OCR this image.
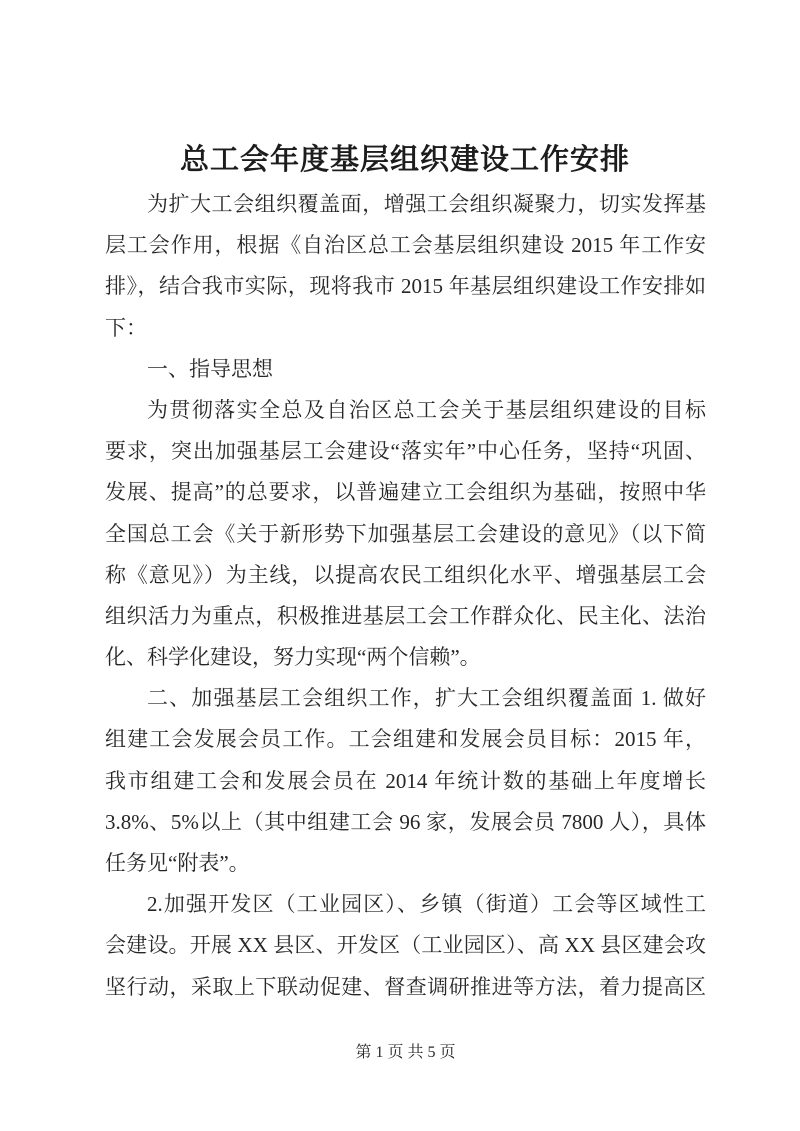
总工会年度基层组织建设工作安排
为扩大工会组织覆盖面，增强工会组织凝聚力，切实发挥基
层工会作用，根据《自治区总工会基层组织建设 2015 年工作安
排》，结合我市实际，现将我市 2015 年基层组织建设工作安排如
下：
一、指导思想
为贯彻落实全总及自治区总工会关于基层组织建设的目标
要求，突出加强基层工会建设“落实年”中心任务，坚持“巩固、
发展、提高”的总要求，以普遍建立工会组织为基础，按照中华
全国总工会《关于新形势下加强基层工会建设的意见》（以下简
称《意见》）为主线，以提高农民工组织化水平、增强基层工会
组织活力为重点，积极推进基层工会工作群众化、民主化、法治
化、科学化建设，努力实现“两个信赖”。
二、加强基层工会组织工作，扩大工会组织覆盖面 1. 做好
组建工会发展会员工作。工会组建和发展会员目标：2015 年，
我市组建工会和发展会员在 2014 年统计数的基础上年度增长
3.8%、5%以上（其中组建工会 96 家，发展会员 7800 人），具体
任务见“附表”。
2.加强开发区（工业园区）、乡镇（街道）工会等区域性工
会建设。开展 XX 县区、开发区（工业园区）、高 XX 县区建会攻
坚行动，采取上下联动促建、督查调研推进等方法，着力提高区
第 1 页 共 5 页
